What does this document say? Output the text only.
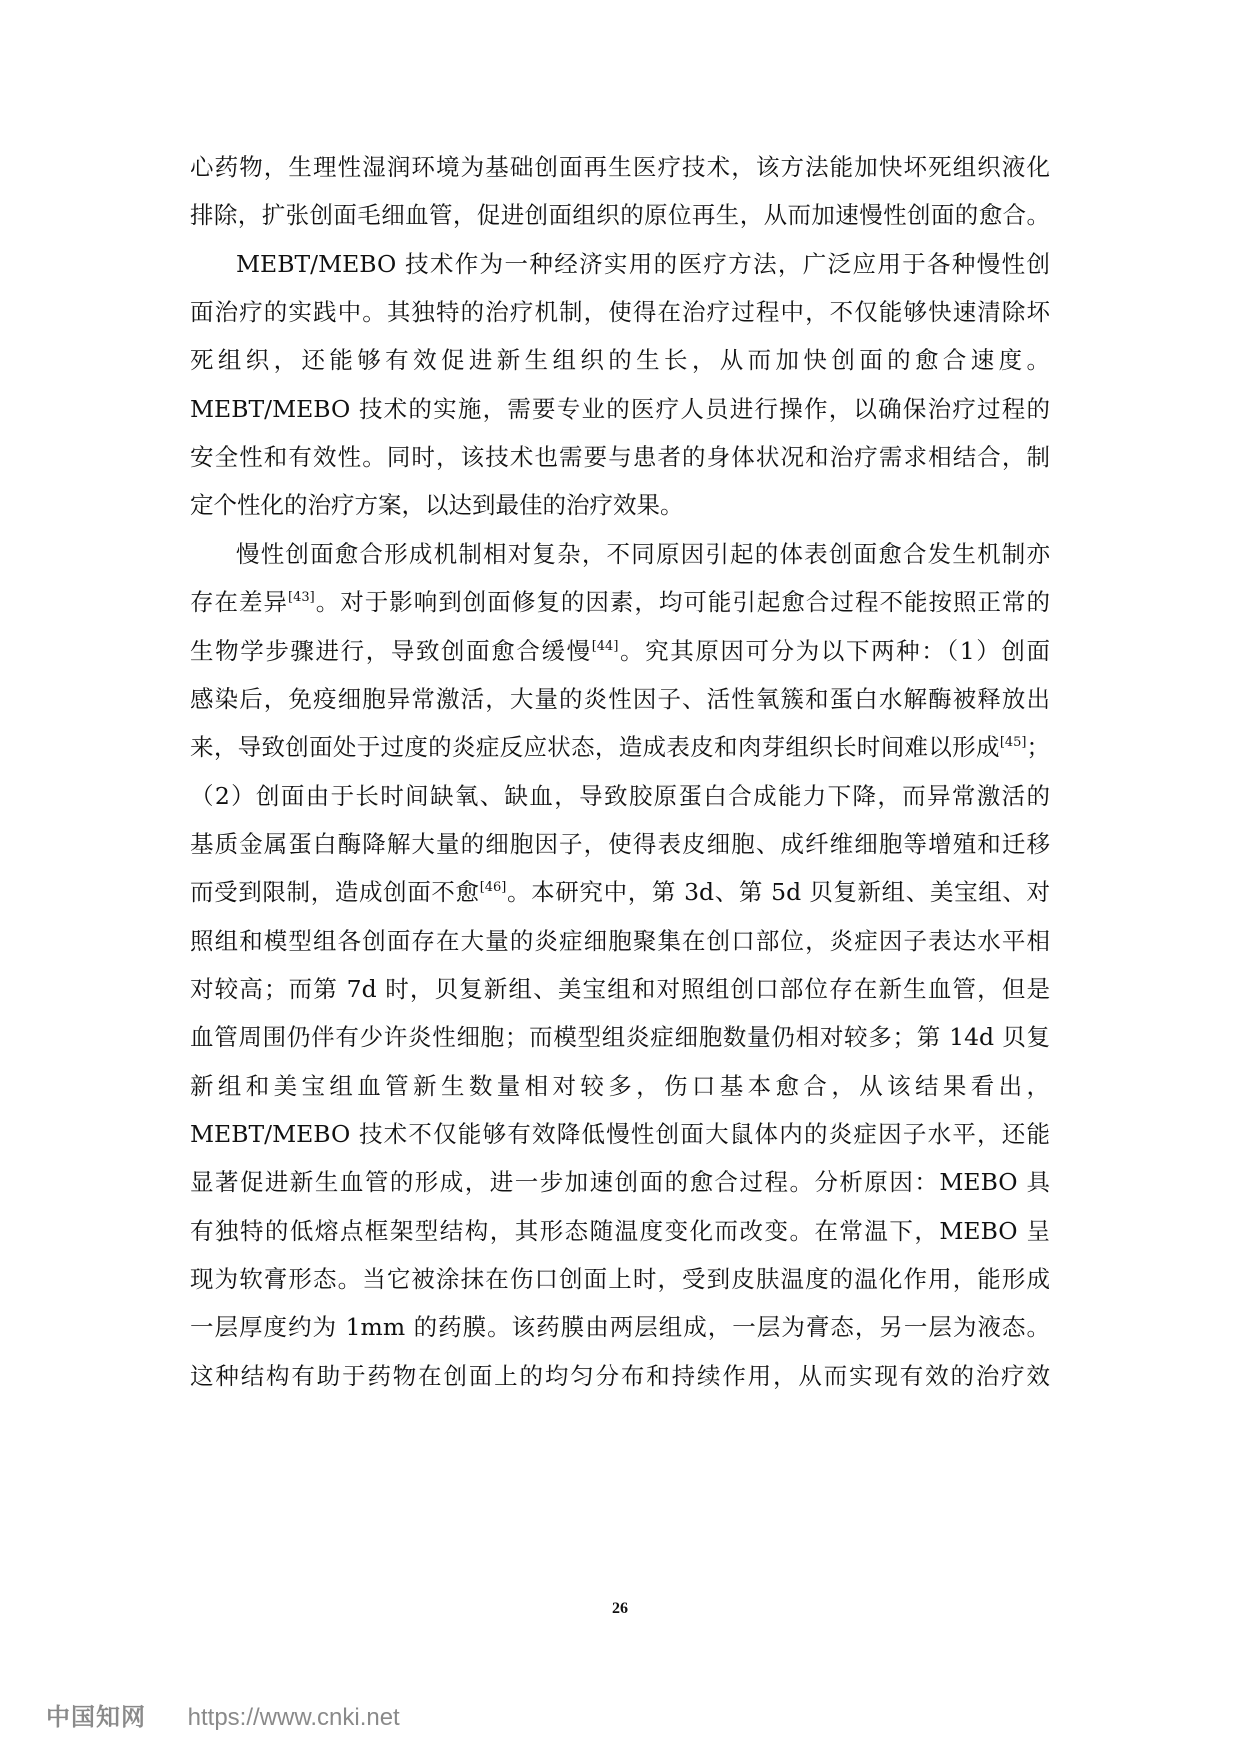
心药物，生理性湿润环境为基础创面再生医疗技术，该方法能加快坏死组织液化
排除，扩张创面毛细血管，促进创面组织的原位再生，从而加速慢性创面的愈合。
MEBT/MEBO 技术作为一种经济实用的医疗方法，广泛应用于各种慢性创
面治疗的实践中。其独特的治疗机制，使得在治疗过程中，不仅能够快速清除坏
死组织，还能够有效促进新生组织的生长，从而加快创面的愈合速度。
MEBT/MEBO 技术的实施，需要专业的医疗人员进行操作，以确保治疗过程的
安全性和有效性。同时，该技术也需要与患者的身体状况和治疗需求相结合，制
定个性化的治疗方案，以达到最佳的治疗效果。
慢性创面愈合形成机制相对复杂，不同原因引起的体表创面愈合发生机制亦
存在差异[43]。对于影响到创面修复的因素，均可能引起愈合过程不能按照正常的
生物学步骤进行，导致创面愈合缓慢[44]。究其原因可分为以下两种：（1）创面
感染后，免疫细胞异常激活，大量的炎性因子、活性氧簇和蛋白水解酶被释放出
来，导致创面处于过度的炎症反应状态，造成表皮和肉芽组织长时间难以形成[45]；
（2）创面由于长时间缺氧、缺血，导致胶原蛋白合成能力下降，而异常激活的
基质金属蛋白酶降解大量的细胞因子，使得表皮细胞、成纤维细胞等增殖和迁移
而受到限制，造成创面不愈[46]。本研究中，第 3d、第 5d 贝复新组、美宝组、对
照组和模型组各创面存在大量的炎症细胞聚集在创口部位，炎症因子表达水平相
对较高；而第 7d 时，贝复新组、美宝组和对照组创口部位存在新生血管，但是
血管周围仍伴有少许炎性细胞；而模型组炎症细胞数量仍相对较多；第 14d 贝复
新组和美宝组血管新生数量相对较多，伤口基本愈合，从该结果看出，
MEBT/MEBO 技术不仅能够有效降低慢性创面大鼠体内的炎症因子水平，还能
显著促进新生血管的形成，进一步加速创面的愈合过程。分析原因：MEBO 具
有独特的低熔点框架型结构，其形态随温度变化而改变。在常温下，MEBO 呈
现为软膏形态。当它被涂抹在伤口创面上时，受到皮肤温度的温化作用，能形成
一层厚度约为 1mm 的药膜。该药膜由两层组成，一层为膏态，另一层为液态。
这种结构有助于药物在创面上的均匀分布和持续作用，从而实现有效的治疗效
26
中国知网 https://www.cnki.net
